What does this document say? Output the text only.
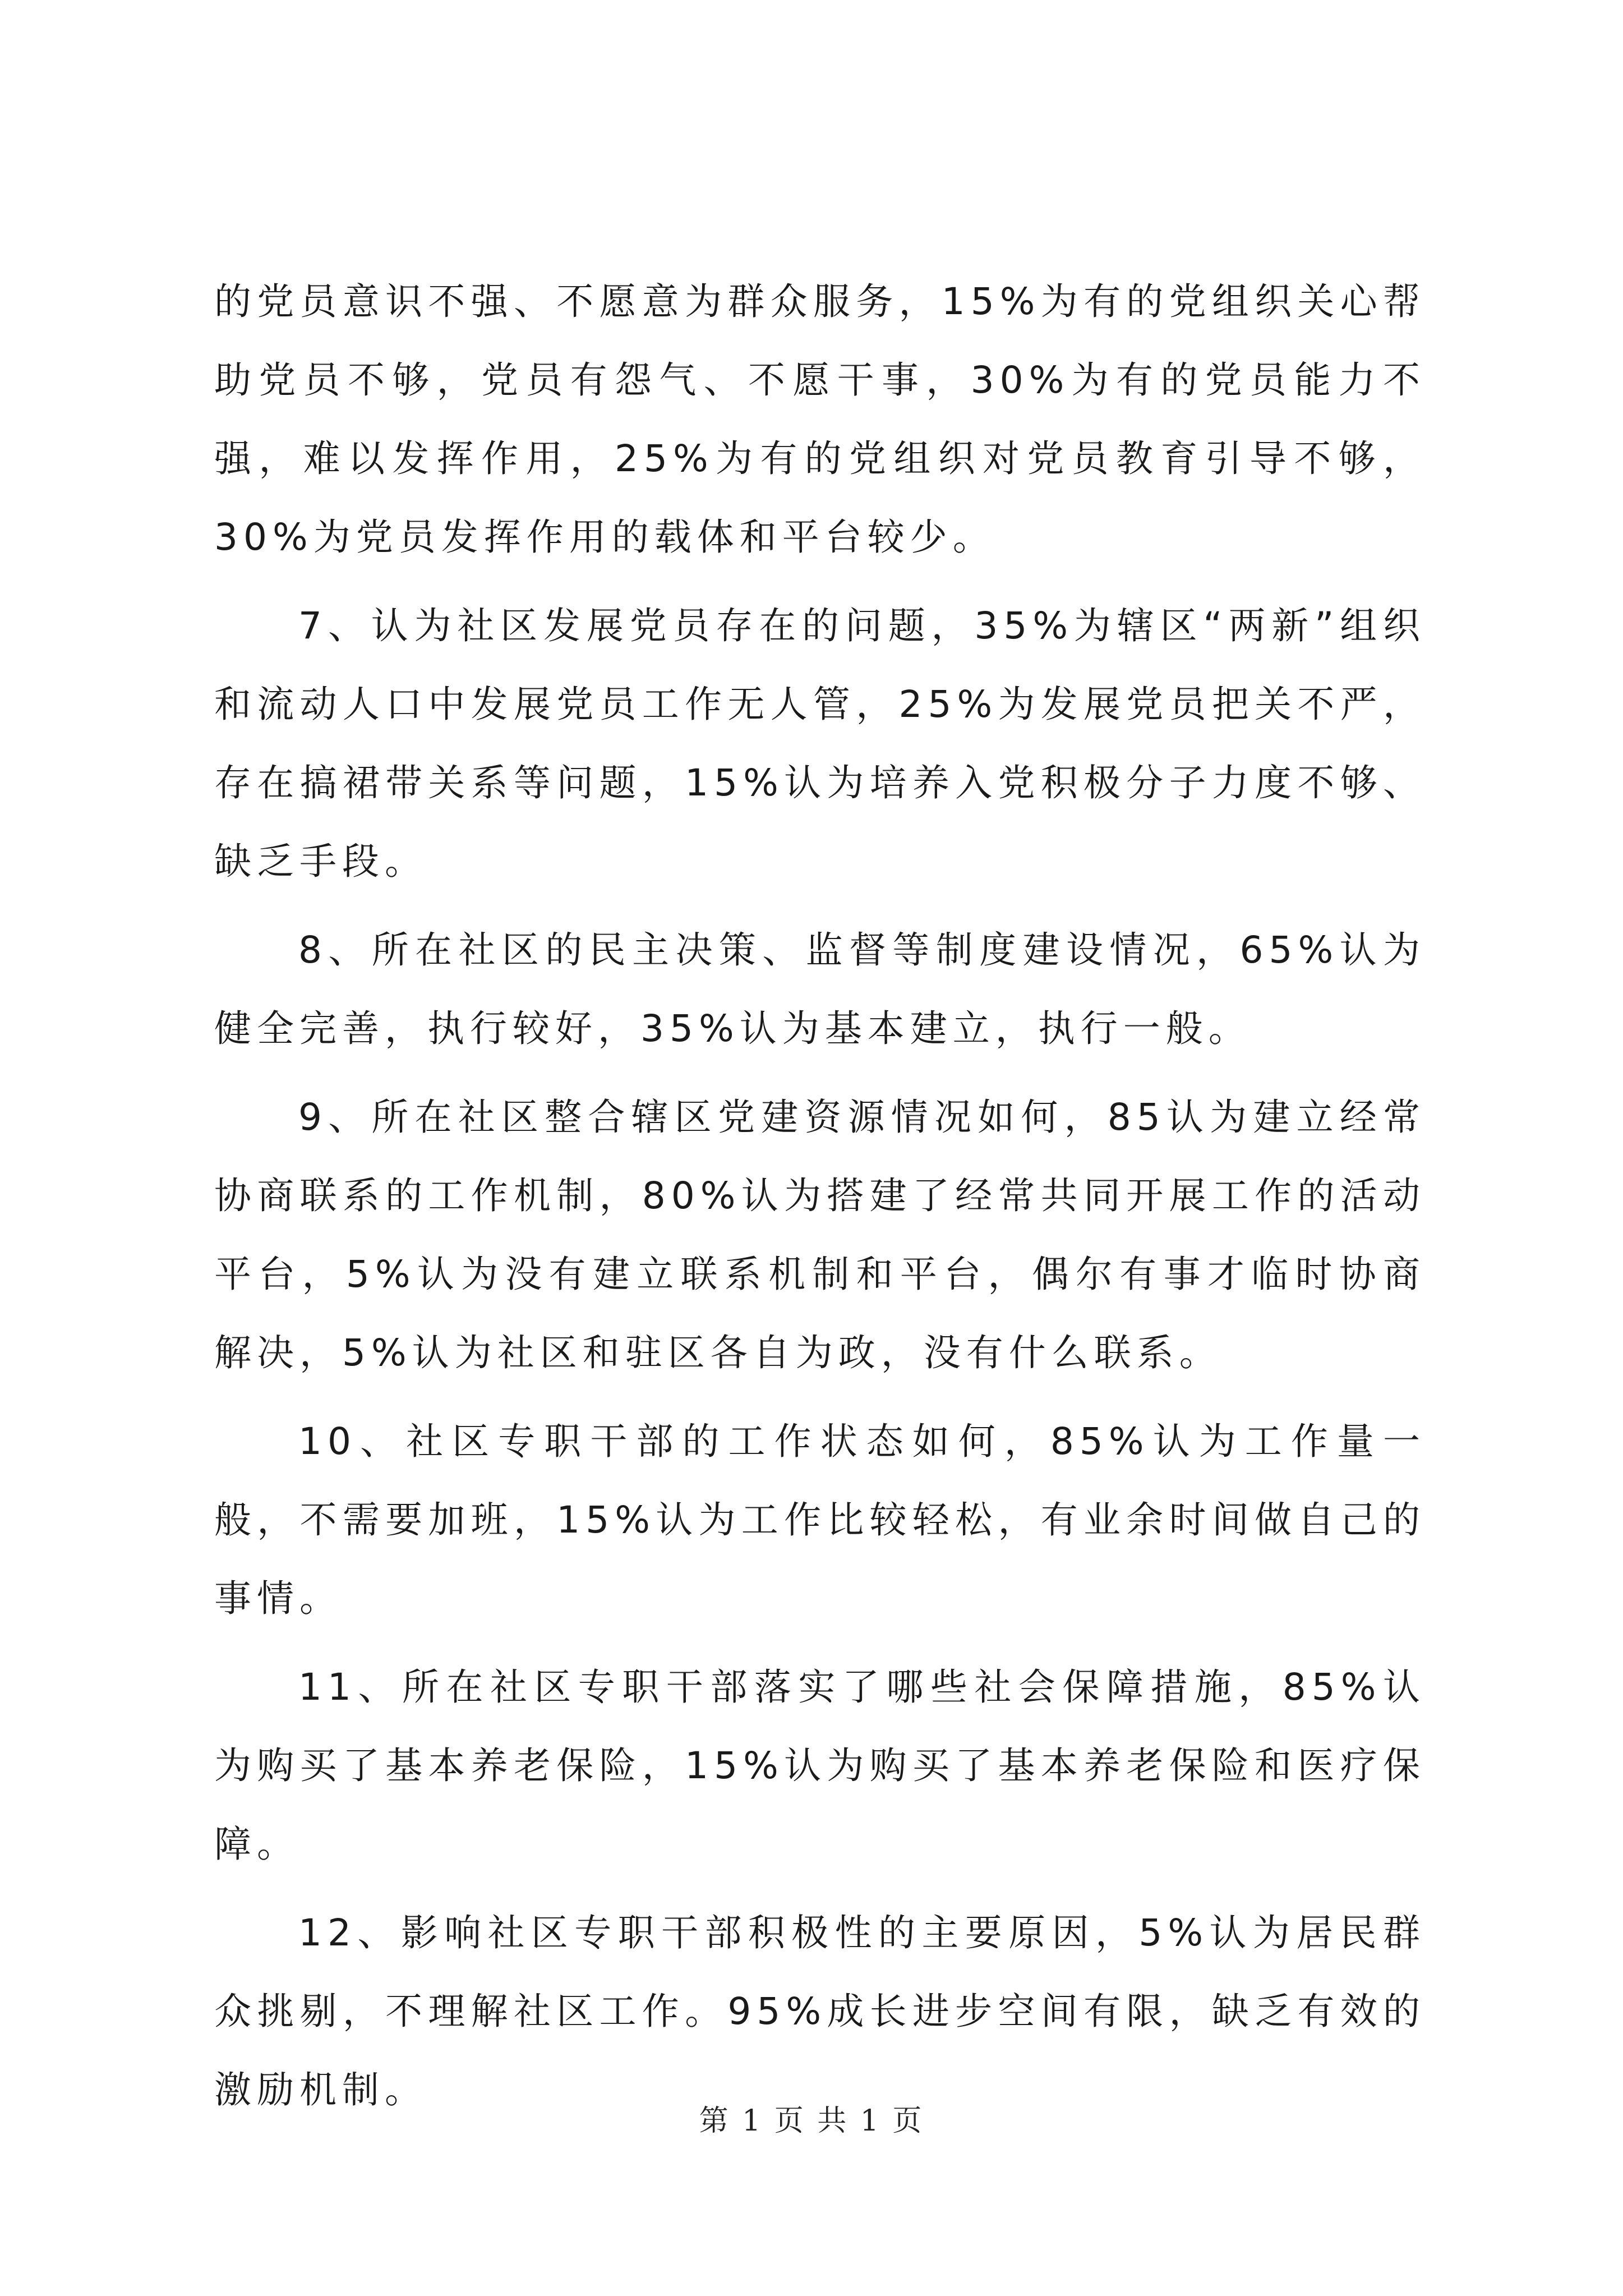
的党员意识不强、不愿意为群众服务，15%为有的党组织关心帮助党员不够，党员有怨气、不愿干事，30%为有的党员能力不强，难以发挥作用，25%为有的党组织对党员教育引导不够，30%为党员发挥作用的载体和平台较少。

7、认为社区发展党员存在的问题，35%为辖区“两新”组织和流动人口中发展党员工作无人管，25%为发展党员把关不严，存在搞裙带关系等问题，15%认为培养入党积极分子力度不够、缺乏手段。

8、所在社区的民主决策、监督等制度建设情况，65%认为健全完善，执行较好，35%认为基本建立，执行一般。

9、所在社区整合辖区党建资源情况如何，85认为建立经常协商联系的工作机制，80%认为搭建了经常共同开展工作的活动平台，5%认为没有建立联系机制和平台，偶尔有事才临时协商解决，5%认为社区和驻区各自为政，没有什么联系。

10、社区专职干部的工作状态如何，85%认为工作量一般，不需要加班，15%认为工作比较轻松，有业余时间做自己的事情。

11、所在社区专职干部落实了哪些社会保障措施，85%认为购买了基本养老保险，15%认为购买了基本养老保险和医疗保障。

12、影响社区专职干部积极性的主要原因，5%认为居民群众挑剔，不理解社区工作。95%成长进步空间有限，缺乏有效的激励机制。

第 1 页 共 1 页
